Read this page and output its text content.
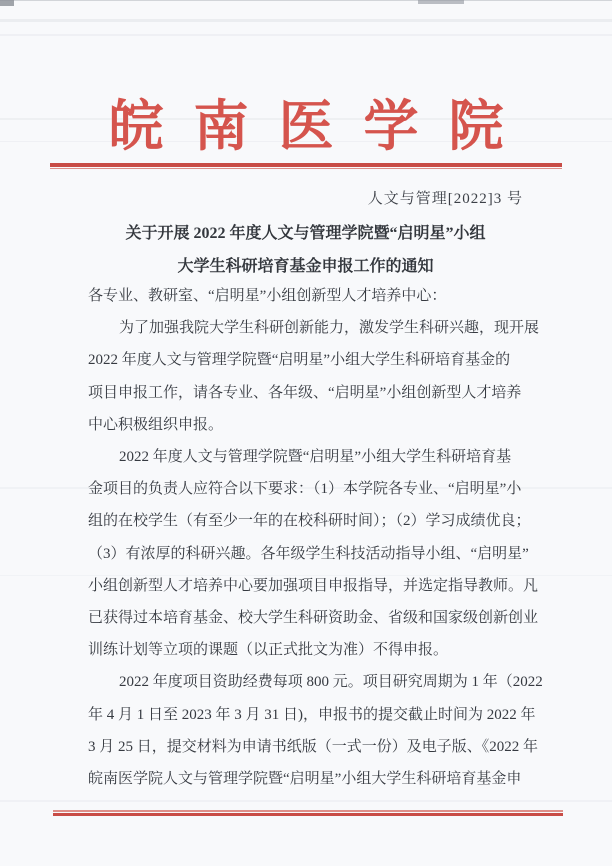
皖南医学院
人文与管理[2022]3 号
关于开展 2022 年度人文与管理学院暨“启明星”小组
大学生科研培育基金申报工作的通知
各专业、教研室、“启明星”小组创新型人才培养中心：
为了加强我院大学生科研创新能力，激发学生科研兴趣，现开展
2022 年度人文与管理学院暨“启明星”小组大学生科研培育基金的
项目申报工作，请各专业、各年级、“启明星”小组创新型人才培养
中心积极组织申报。
2022 年度人文与管理学院暨“启明星”小组大学生科研培育基
金项目的负责人应符合以下要求：（1）本学院各专业、“启明星”小
组的在校学生（有至少一年的在校科研时间）；（2）学习成绩优良；
（3）有浓厚的科研兴趣。各年级学生科技活动指导小组、“启明星”
小组创新型人才培养中心要加强项目申报指导，并选定指导教师。凡
已获得过本培育基金、校大学生科研资助金、省级和国家级创新创业
训练计划等立项的课题（以正式批文为准）不得申报。
2022 年度项目资助经费每项 800 元。项目研究周期为 1 年（2022
年 4 月 1 日至 2023 年 3 月 31 日)，申报书的提交截止时间为 2022 年
3 月 25 日，提交材料为申请书纸版（一式一份）及电子版、《2022 年
皖南医学院人文与管理学院暨“启明星”小组大学生科研培育基金申
